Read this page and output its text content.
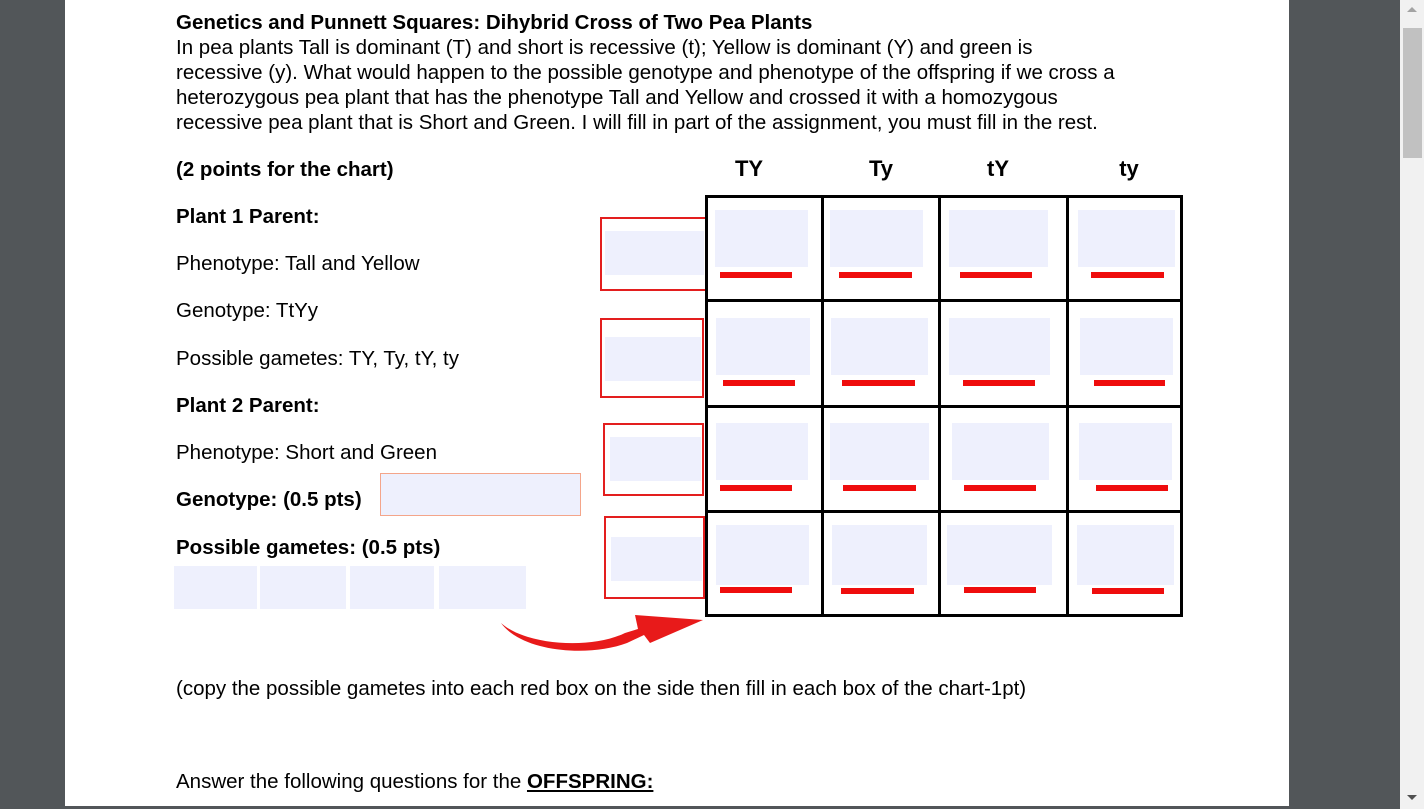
Genetics and Punnett Squares: Dihybrid Cross of Two Pea Plants
In pea plants Tall is dominant (T) and short is recessive (t); Yellow is dominant (Y) and green is
recessive (y). What would happen to the possible genotype and phenotype of the offspring if we cross a
heterozygous pea plant that has the phenotype Tall and Yellow and crossed it with a homozygous
recessive pea plant that is Short and Green. I will fill in part of the assignment, you must fill in the rest.
(2 points for the chart)	TY	Ty	tY	ty
Plant 1 Parent:
Phenotype: Tall and Yellow
Genotype: TtYy
Possible gametes: TY, Ty, tY, ty
Plant 2 Parent:
Phenotype: Short and Green
Genotype: (0.5 pts)
Possible gametes: (0.5 pts)
(copy the possible gametes into each red box on the side then fill in each box of the chart-1pt)
Answer the following questions for the OFFSPRING:
